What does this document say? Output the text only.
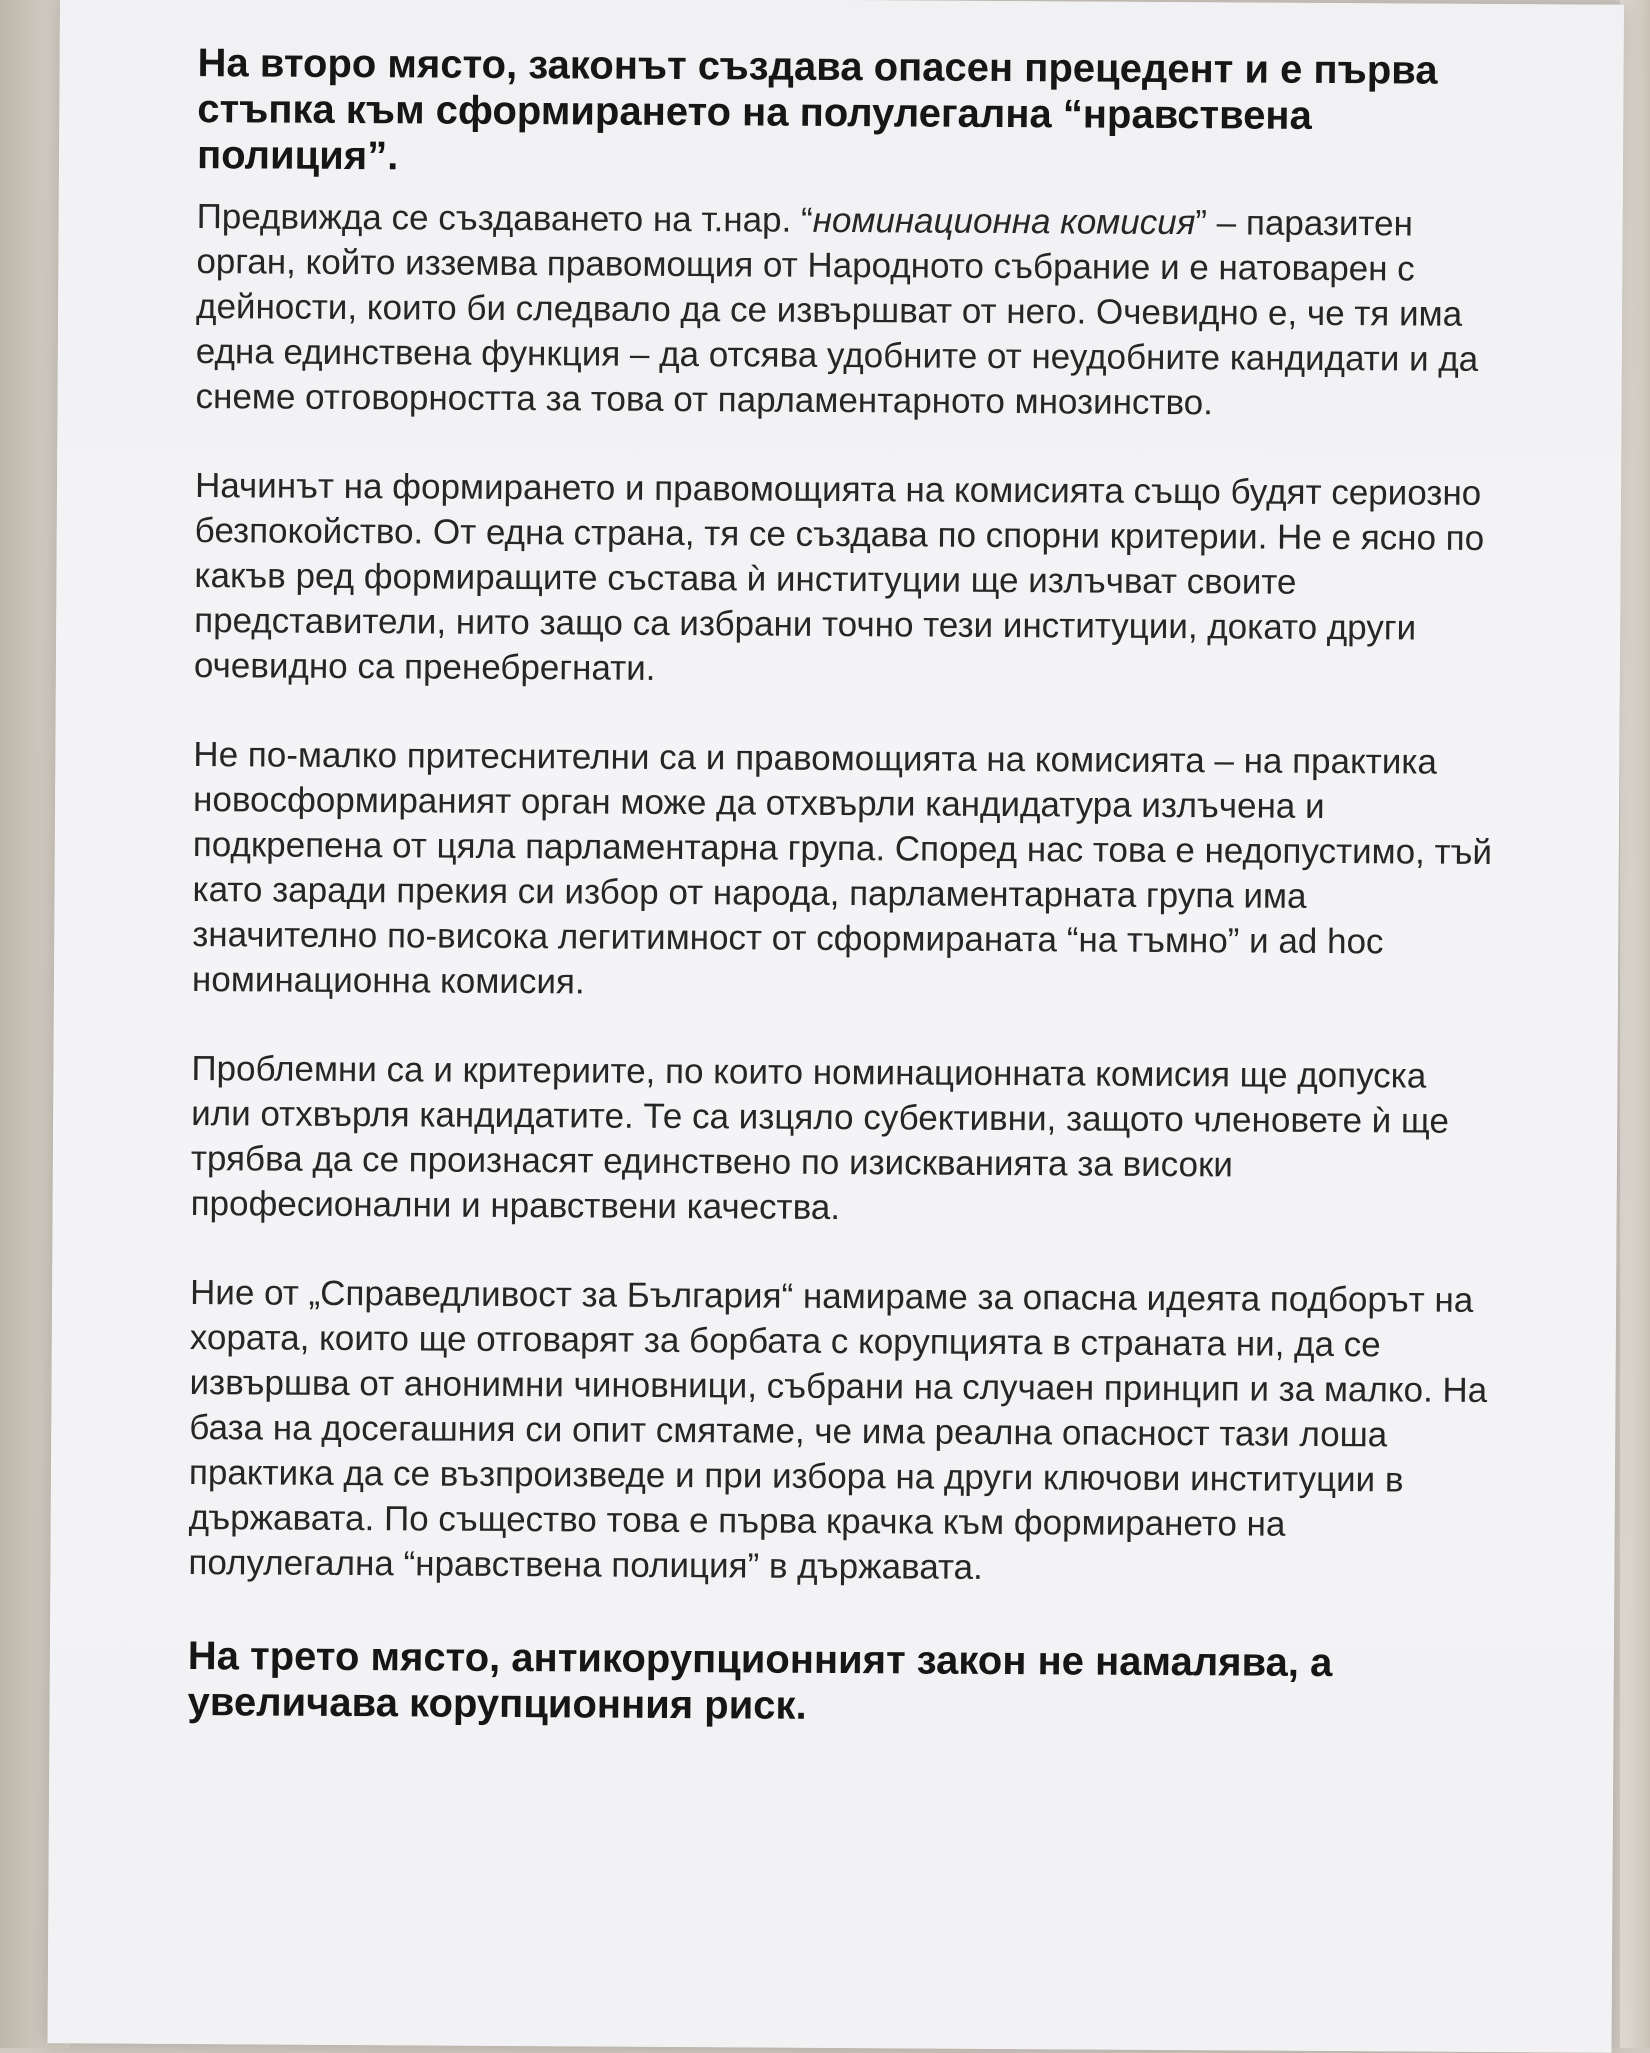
На второ място, законът създава опасен прецедент и е първа стъпка към сформирането на полулегална “нравствена полиция”.

Предвижда се създаването на т.нар. “номинационна комисия” – паразитен орган, който изземва правомощия от Народното събрание и е натоварен с дейности, които би следвало да се извършват от него. Очевидно е, че тя има една единствена функция – да отсява удобните от неудобните кандидати и да снеме отговорността за това от парламентарното мнозинство.

Начинът на формирането и правомощията на комисията също будят сериозно безпокойство. От една страна, тя се създава по спорни критерии. Не е ясно по какъв ред формиращите състава ѝ институции ще излъчват своите представители, нито защо са избрани точно тези институции, докато други очевидно са пренебрегнати.

Не по-малко притеснителни са и правомощията на комисията – на практика новосформираният орган може да отхвърли кандидатура излъчена и подкрепена от цяла парламентарна група. Според нас това е недопустимо, тъй като заради прекия си избор от народа, парламентарната група има значително по-висока легитимност от сформираната “на тъмно” и ad hoc номинационна комисия.

Проблемни са и критериите, по които номинационната комисия ще допуска или отхвърля кандидатите. Те са изцяло субективни, защото членовете ѝ ще трябва да се произнасят единствено по изискванията за високи професионални и нравствени качества.

Ние от „Справедливост за България“ намираме за опасна идеята подборът на хората, които ще отговарят за борбата с корупцията в страната ни, да се извършва от анонимни чиновници, събрани на случаен принцип и за малко. На база на досегашния си опит смятаме, че има реална опасност тази лоша практика да се възпроизведе и при избора на други ключови институции в държавата. По същество това е първа крачка към формирането на полулегална “нравствена полиция” в държавата.

На трето място, антикорупционният закон не намалява, а увеличава корупционния риск.
